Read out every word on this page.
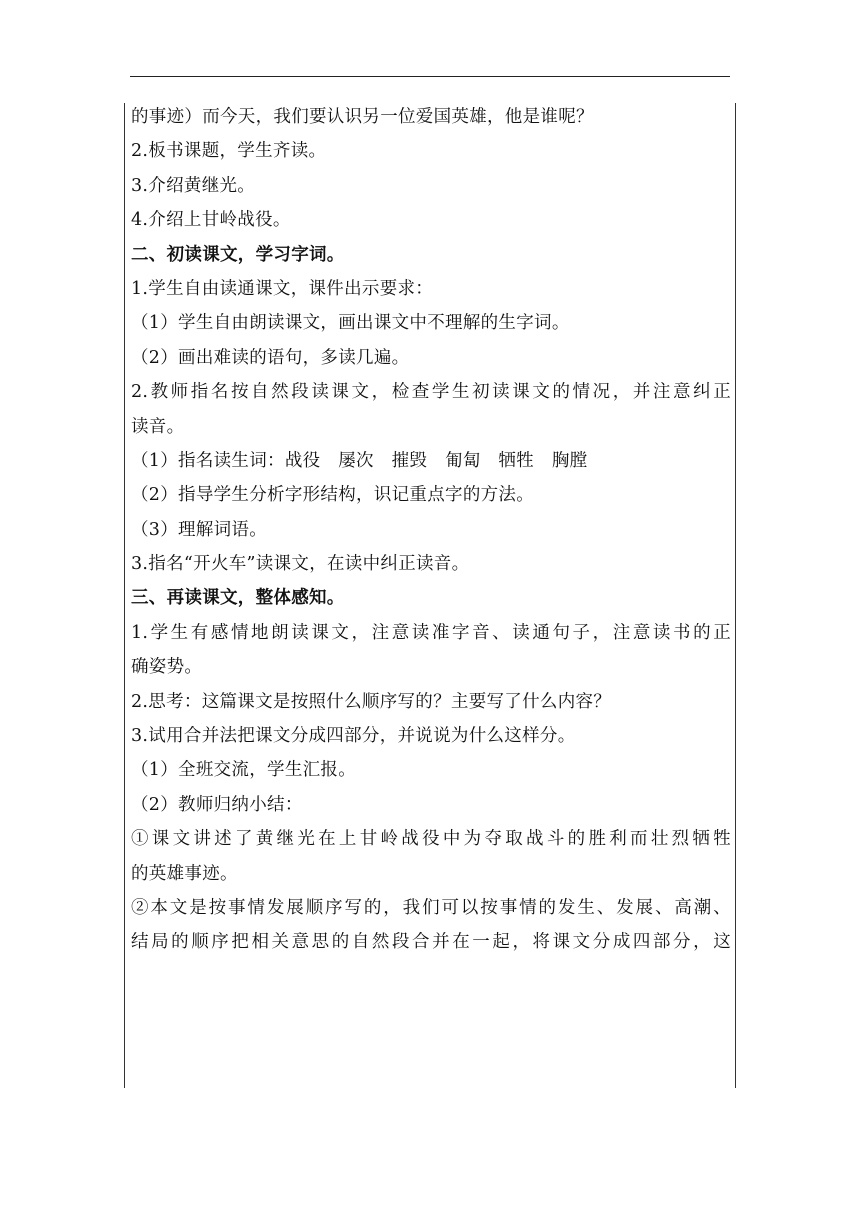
的事迹）而今天，我们要认识另一位爱国英雄，他是谁呢？
2.板书课题，学生齐读。
3.介绍黄继光。
4.介绍上甘岭战役。
二、初读课文，学习字词。
1.学生自由读通课文，课件出示要求：
（1）学生自由朗读课文，画出课文中不理解的生字词。
（2）画出难读的语句，多读几遍。
2.教师指名按自然段读课文，检查学生初读课文的情况，并注意纠正
读音。
（1）指名读生词：战役　屡次　摧毁　匍匐　牺牲　胸膛
（2）指导学生分析字形结构，识记重点字的方法。
（3）理解词语。
3.指名“开火车”读课文，在读中纠正读音。
三、再读课文，整体感知。
1.学生有感情地朗读课文，注意读准字音、读通句子，注意读书的正
确姿势。
2.思考：这篇课文是按照什么顺序写的？主要写了什么内容？
3.试用合并法把课文分成四部分，并说说为什么这样分。
（1）全班交流，学生汇报。
（2）教师归纳小结：
①课文讲述了黄继光在上甘岭战役中为夺取战斗的胜利而壮烈牺牲
的英雄事迹。
②本文是按事情发展顺序写的，我们可以按事情的发生、发展、高潮、
结局的顺序把相关意思的自然段合并在一起，将课文分成四部分，这
